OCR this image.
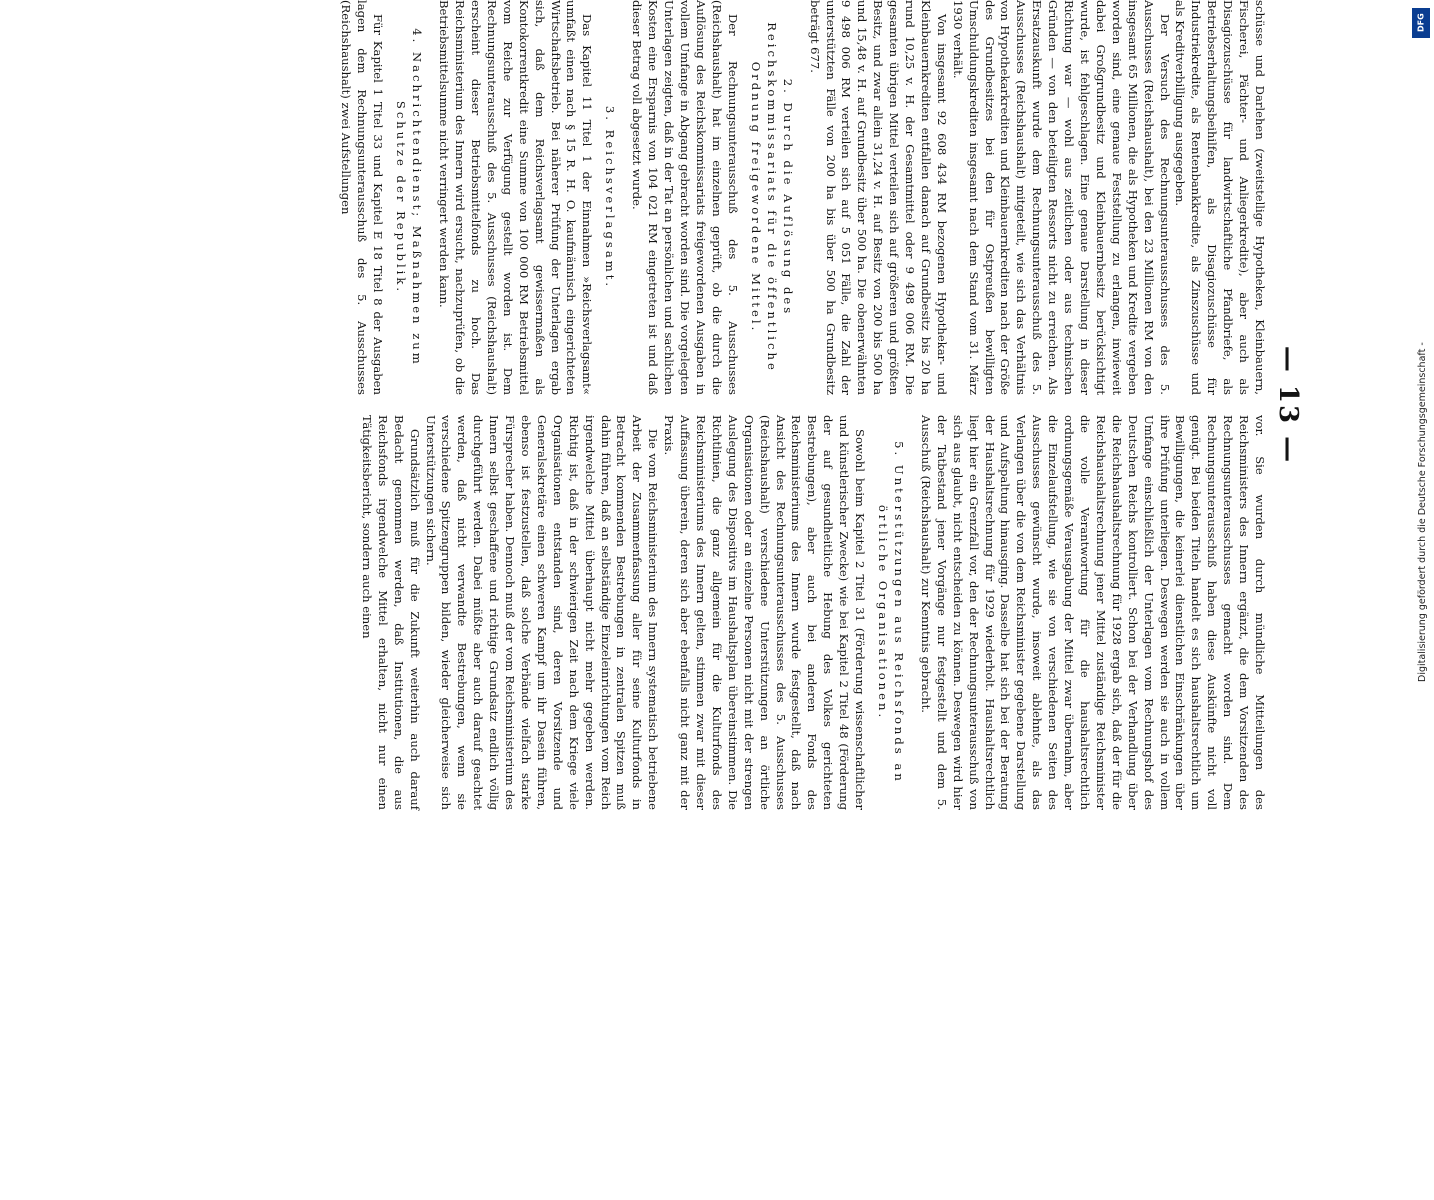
— 13 —

schüsse und Darlehen (zweitstellige Hypotheken, Kleinbauern, Fischerei, Pächter- und Anliegerkredite), aber auch als Disagiozuschüsse für landwirtschaftliche Pfandbriefe, als Betriebserhaltungsbeihilfen, als Disagiozuschüsse für Industriekredite, als Rentenbankkredite, als Zinszuschüsse und als Kreditverbilligung ausgegeben.

Der Versuch des Rechnungsunterausschusses des 5. Ausschusses (Reichshaushalt), bei den 23 Millionen RM von den insgesamt 65 Millionen, die als Hypotheken und Kredite vergeben worden sind, eine genaue Feststellung zu erlangen, inwieweit dabei Großgrundbesitz und Kleinbauernbesitz berücksichtigt wurde, ist fehlgeschlagen. Eine genaue Darstellung in dieser Richtung war — wohl aus zeitlichen oder aus technischen Gründen — von den beteiligten Ressorts nicht zu erreichen. Als Ersatzauskunft wurde dem Rechnungsunterausschuß des 5. Ausschusses (Reichshaushalt) mitgeteilt, wie sich das Verhältnis von Hypothekarkrediten und Kleinbauernkrediten nach der Größe des Grundbesitzes bei den für Ostpreußen bewilligten Umschuldungskrediten insgesamt nach dem Stand vom 31. März 1930 verhält.

Von insgesamt 92 608 434 RM bezogenen Hypothekar- und Kleinbauernkrediten entfallen danach auf Grundbesitz bis 20 ha rund 10,25 v. H. der Gesamtmittel oder 9 498 006 RM. Die gesamten übrigen Mittel verteilen sich auf größeren und größten Besitz, und zwar allein 31,24 v. H. auf Besitz von 200 bis 500 ha und 15,48 v. H. auf Grundbesitz über 500 ha. Die obenerwähnten 9 498 006 RM verteilen sich auf 5 051 Fälle, die Zahl der unterstützten Fälle von 200 ha bis über 500 ha Grundbesitz beträgt 677.

2. Durch die Auflösung des Reichskommissariats für die öffentliche Ordnung freigewordene Mittel.

Der Rechnungsunterausschuß des 5. Ausschusses (Reichshaushalt) hat im einzelnen geprüft, ob die durch die Auflösung des Reichskommissariats freigewordenen Ausgaben in vollem Umfange in Abgang gebracht worden sind. Die vorgelegten Unterlagen zeigten, daß in der Tat an persönlichen und sachlichen Kosten eine Ersparnis von 104 021 RM eingetreten ist und daß dieser Betrag voll abgesetzt wurde.

3. Reichsverlagsamt.

Das Kapitel 11 Titel 1 der Einnahmen »Reichsverlagsamt« umfaßt einen nach § 15 R. H. O. kaufmännisch eingerichteten Wirtschaftsbetrieb. Bei näherer Prüfung der Unterlagen ergab sich, daß dem Reichsverlagsamt gewissermaßen als Kontokorrentkredit eine Summe von 100 000 RM Betriebsmittel vom Reiche zur Verfügung gestellt worden ist. Dem Rechnungsunterausschuß des 5. Ausschusses (Reichshaushalt) erscheint dieser Betriebsmittelfonds zu hoch. Das Reichsministerium des Innern wird ersucht, nachzuprüfen, ob die Betriebsmittelsumme nicht verringert werden kann.

4. Nachrichtendienst; Maßnahmen zum Schutze der Republik.

Für Kapitel 1 Titel 33 und Kapitel E 18 Titel 8 der Ausgaben lagen dem Rechnungsunterausschuß des 5. Ausschusses (Reichshaushalt) zwei Aufstellungen

vor. Sie wurden durch mündliche Mitteilungen des Reichsministers des Innern ergänzt, die dem Vorsitzenden des Rechnungsunterausschusses gemacht worden sind. Dem Rechnungsunterausschuß haben diese Auskünfte nicht voll genügt. Bei beiden Titeln handelt es sich haushaltsrechtlich um Bewilligungen, die keinerlei dienstlichen Einschränkungen über ihre Prüfung unterliegen. Deswegen werden sie auch in vollem Umfange einschließlich der Unterlagen vom Rechnungshof des Deutschen Reichs kontrolliert. Schon bei der Verhandlung über die Reichshaushaltsrechnung für 1928 ergab sich, daß der für die Reichshaushaltsrechnung jener Mittel zuständige Reichsminister die volle Verantwortung für die haushaltsrechtlich ordnungsgemäße Verausgabung der Mittel zwar übernahm, aber die Einzelaufstellung, wie sie von verschiedenen Seiten des Ausschusses gewünscht wurde, insoweit ablehnte, als das Verlangen über die von dem Reichsminister gegebene Darstellung und Aufspaltung hinausging. Dasselbe hat sich bei der Beratung der Haushaltsrechnung für 1929 wiederholt. Haushaltsrechtlich liegt hier ein Grenzfall vor, den der Rechnungsunterausschuß von sich aus glaubt, nicht entscheiden zu können. Deswegen wird hier der Tatbestand jener Vorgänge nur festgestellt und dem 5. Ausschuß (Reichshaushalt) zur Kenntnis gebracht.

5. Unterstützungen aus Reichsfonds an örtliche Organisationen.

Sowohl beim Kapitel 2 Titel 31 (Förderung wissenschaftlicher und künstlerischer Zwecke) wie bei Kapitel 2 Titel 48 (Förderung der auf gesundheitliche Hebung des Volkes gerichteten Bestrebungen), aber auch bei anderen Fonds des Reichsministeriums des Innern wurde festgestellt, daß nach Ansicht des Rechnungsunterausschusses des 5. Ausschusses (Reichshaushalt) verschiedene Unterstützungen an örtliche Organisationen oder an einzelne Personen nicht mit der strengen Auslegung des Dispositivs im Haushaltsplan übereinstimmen. Die Richtlinien, die ganz allgemein für die Kulturfonds des Reichsministeriums des Innern gelten, stimmen zwar mit dieser Auffassung überein, deren sich aber ebenfalls nicht ganz mit der Praxis.

Die vom Reichsministerium des Innern systematisch betriebene Arbeit der Zusammenfassung aller für seine Kulturfonds in Betracht kommenden Bestrebungen in zentralen Spitzen muß dahin führen, daß an selbständige Einzeleinrichtungen vom Reich irgendwelche Mittel überhaupt nicht mehr gegeben werden. Richtig ist, daß in der schwierigen Zeit nach dem Kriege viele Organisationen entstanden sind, deren Vorsitzende und Generalsekretäre einen schweren Kampf um ihr Dasein führen, ebenso ist festzustellen, daß solche Verbände vielfach starke Fürsprecher haben. Dennoch muß der vom Reichsministerium des Innern selbst geschaffene und richtige Grundsatz endlich völlig durchgeführt werden. Dabei müßte aber auch darauf geachtet werden, daß nicht verwandte Bestrebungen, wenn sie verschiedene Spitzengruppen bilden, wieder gleicherweise sich Unterstützungen sichern.

Grundsätzlich muß für die Zukunft weiterhin auch darauf Bedacht genommen werden, daß Institutionen, die aus Reichsfonds irgendwelche Mittel erhalten, nicht nur einen Tätigkeitsbericht, sondern auch einen

DFG
Digitalisierung gefördert durch die Deutsche Forschungsgemeinschaft -
